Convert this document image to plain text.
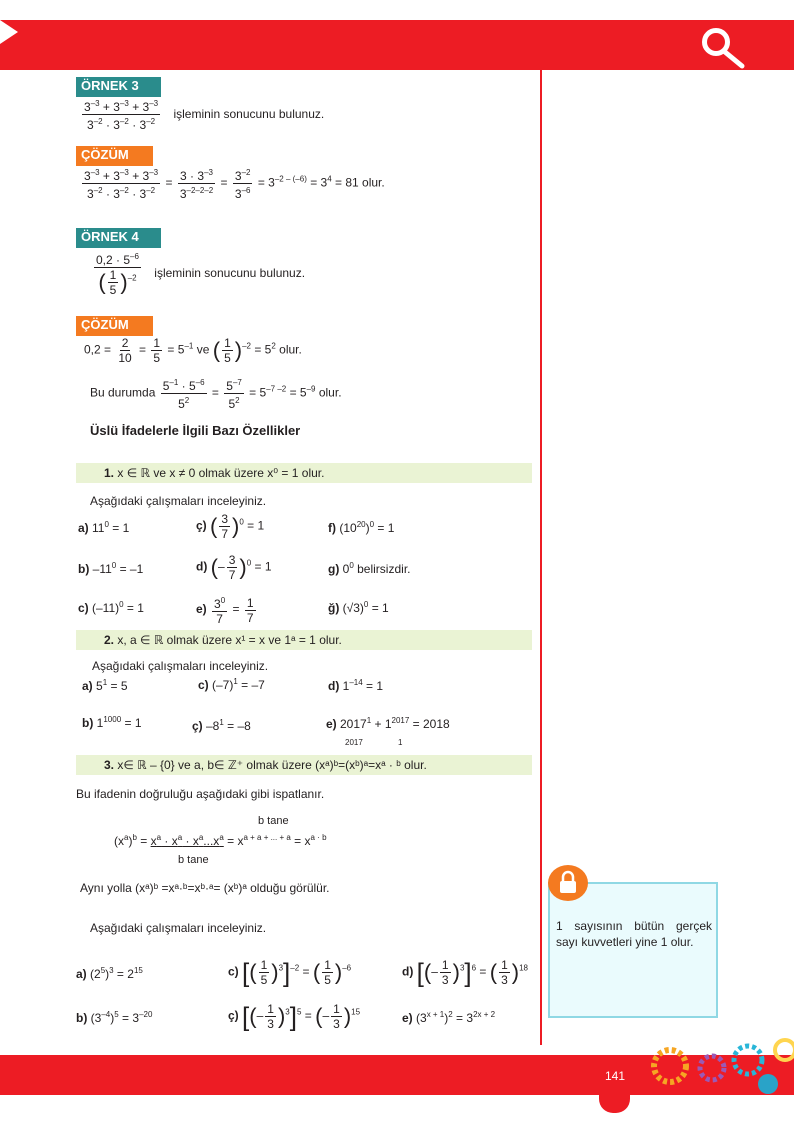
141
ÖRNEK 3
$\frac{3^{-3} + 3^{-3} + 3^{-3}}{3^{-2} \cdot 3^{-2} \cdot 3^{-2}}$ işleminin sonucunu bulunuz.
ÇÖZÜM
$\frac{3^{-3} + 3^{-3} + 3^{-3}}{3^{-2} \cdot 3^{-2} \cdot 3^{-2}} = \frac{3 \cdot 3^{-3}}{3^{-2-2-2}} = \frac{3^{-2}}{3^{-6}} = 3^{-2 - (-6)} = 3^4 = 81$ olur.
ÖRNEK 4
$\frac{0,2 \cdot 5^{-6}}{( \frac{1}{5} )^{-2}}$ işleminin sonucunu bulunuz.
ÇÖZÜM
$0,2 = \frac{2}{10} = \frac{1}{5} = 5^{-1}$ ve ( $\frac{1}{5} )^{-2} = 5^2$ olur.
Bu durumda $\frac{5^{-1} \cdot 5^{-6}}{5^2} = \frac{5^{-7}}{5^2} = 5^{-7 -2} = 5^{-9}$ olur.
Üslü İfadelerle İlgili Bazı Özellikler
1. x ∈ ℝ ve x ≠ 0 olmak üzere x⁰ = 1 olur.
Aşağıdaki çalışmaları inceleyiniz.
a) $11^0 = 1$	ç) ( $\frac{3}{7} )^0 = 1$	f) $(10^{20})^0 = 1$
b) $-11^0 = -1$	d) (– $\frac{3}{7} )^0 = 1$	g) $0^0$ belirsizdir.
c) $(-11)^0 = 1$	$e) \frac{3^0}{7} = \frac{1}{7}$	ğ) $(√3)^0 = 1$
2. x, a ∈ ℝ olmak üzere x¹ = x ve 1ᵃ = 1 olur.
Aşağıdaki çalışmaları inceleyiniz.
a) $5^1 = 5$	c) $(-7)^1 = -7$	d) $1^{-14} = 1$
b) $1^{1000} = 1$	ç) $-8^1 = -8$	e) $2017^1 + 1^{2017} = 2018$
2017	1
3. x∈ ℝ – {0} ve a, b∈ ℤ⁺ olmak üzere (xᵃ)ᵇ=(xᵇ)ᵃ=xᵃ · ᵇ olur.
Bu ifadenin doğruluğu aşağıdaki gibi ispatlanır.
b tane
$(x^a)^b = x^a \cdot x^a \cdot x^a...x^a = x^{a + a + ... + a} = x^{a \cdot b}$
b tane
Aynı yolla (xᵃ)ᵇ =xᵃ·ᵇ=xᵇ·ᵃ= (xᵇ)ᵃ olduğu görülür.
Aşağıdaki çalışmaları inceleyiniz.
a) $(2^5)^3 = 2^{15}$	c) [( $\frac{1}{5} )^3]^{-2}$ = ( $\frac{1}{5} )^{-6}$	d) [(– $\frac{1}{3} )^3]^6$ = ( $\frac{1}{3} )^{18}$
b) $(3^{-4})^5 = 3^{-20}$	ç) [(– $\frac{1}{3} )^3]^5$ = (– $\frac{1}{3} )^{15}$	e) $(3^{x + 1})^2 = 3^{2x + 2}$
1 sayısının bütün gerçek sayı kuvvetleri yine 1 olur.
